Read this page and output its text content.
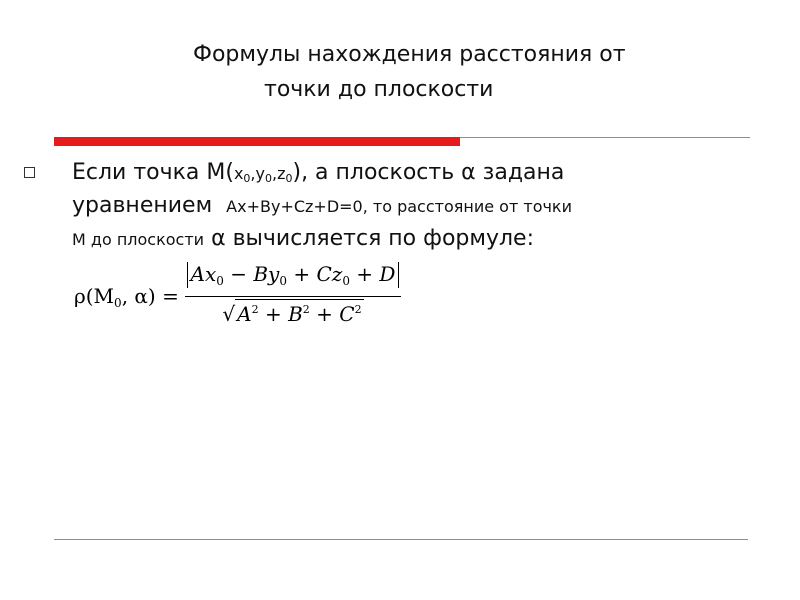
Формулы нахождения расстояния от
точки до плоскости
Если точка $M(x_0,y_0,z_0)$, а плоскость α задана
уравнением Ax+By+Cz+D=0, то расстояние от точки
М до плоскости α вычисляется по формуле:
$\rho(M_0$, α) =
$Ax_0 - By_0 + Cz_0 + D$
√ $A^2 + B^2 + C^2$
